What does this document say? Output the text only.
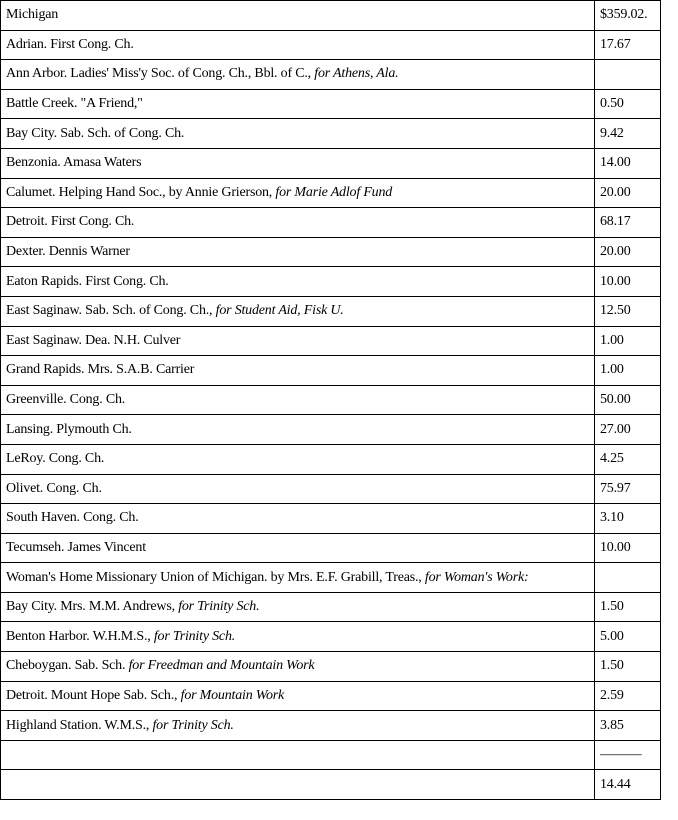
Michigan	$359.02.
Adrian. First Cong. Ch.	17.67
Ann Arbor. Ladies' Miss'y Soc. of Cong. Ch., Bbl. of C., for Athens, Ala.	
Battle Creek. "A Friend,"	0.50
Bay City. Sab. Sch. of Cong. Ch.	9.42
Benzonia. Amasa Waters	14.00
Calumet. Helping Hand Soc., by Annie Grierson, for Marie Adlof Fund	20.00
Detroit. First Cong. Ch.	68.17
Dexter. Dennis Warner	20.00
Eaton Rapids. First Cong. Ch.	10.00
East Saginaw. Sab. Sch. of Cong. Ch., for Student Aid, Fisk U.	12.50
East Saginaw. Dea. N.H. Culver	1.00
Grand Rapids. Mrs. S.A.B. Carrier	1.00
Greenville. Cong. Ch.	50.00
Lansing. Plymouth Ch.	27.00
LeRoy. Cong. Ch.	4.25
Olivet. Cong. Ch.	75.97
South Haven. Cong. Ch.	3.10
Tecumseh. James Vincent	10.00
Woman's Home Missionary Union of Michigan. by Mrs. E.F. Grabill, Treas., for Woman's Work:	
Bay City. Mrs. M.M. Andrews, for Trinity Sch.	1.50
Benton Harbor. W.H.M.S., for Trinity Sch.	5.00
Cheboygan. Sab. Sch. for Freedman and Mountain Work	1.50
Detroit. Mount Hope Sab. Sch., for Mountain Work	2.59
Highland Station. W.M.S., for Trinity Sch.	3.85
	———
	14.44
